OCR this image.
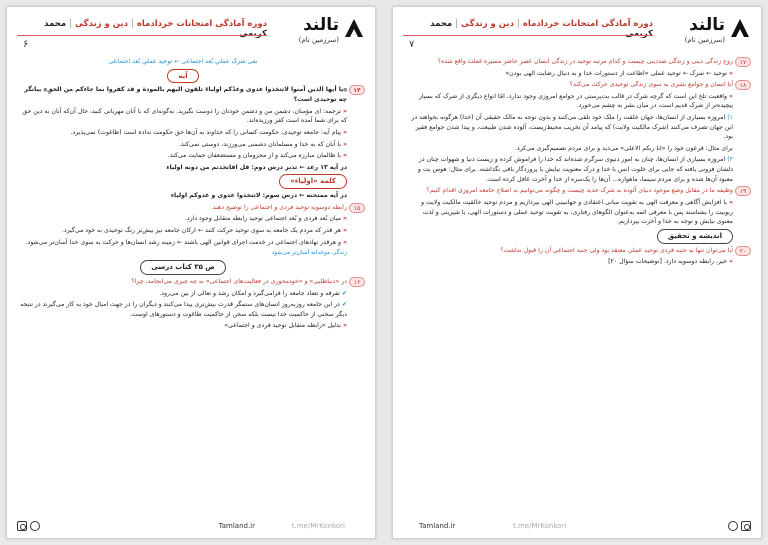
تالند
(سرزمین تام)
دوره آمادگی امتحانات خردادماه|دین و زندگی|محمد کریمی
۶
نفی شرک عملیِ بُعد اجتماعی ← توحید عملیِ بُعد اجتماعی
آیه
۱۴
۞یا أیها الذین آمنوا لاتتخذوا عدوی وعدُکم اولیاءَ تلقون الیهم بالمودة و قد کفروا بما جاءکم من الحقِ۞ بیانگر چه توحیدی است؟
«ترجمه: ای مؤمنان، دشمن من و دشمن خودتان را دوست نگیرید. به‌گونه‌ای که با آنان مهربانی کنید، حال آن‌که آنان به دین حق که برای شما آمده است کفر ورزیده‌اند.
«پیام آیه: جامعه توحیدی، حکومت کسانی را که خداوند به آن‌ها حق حکومت نداده است (طاغوت) نمی‌پذیرد.
«با آنان که به خدا و مسلمانان دشمنی می‌ورزند، دوستی نمی‌کند.
«با ظالمان مبارزه می‌کند و از محرومان و مستضعفان حمایت می‌کند.
در آیه ۱۳ رعد ← تدبر درس دوم: قل افاتخذتم من دونه اولیاء
کلمه «اولیاء»
در آیه ممتحنه ← درس سوم: لاتتخذوا عدوی و عدوکم اولیاء
۱۵
رابطه دوسویه توحید فردی و اجتماعی را توضیح دهید.
«میان بُعد فردی و بُعد اجتماعی توحید رابطه متقابل وجود دارد.
«هر قدر که مردم یک جامعه به سوی توحید حرکت کنند ← ارکان جامعه نیز بیش‌تر رنگ توحیدی به خود می‌گیرد.
«و هرقدر نهادهای اجتماعی در خدمت اجرای قوانین الهی باشند ← زمینه رشد انسان‌ها و حرکت به سوی خدا آسان‌تر می‌شود.
زندگی موحدانه آسان‌تر می‌شود
ص ۳۵ کتاب درسی
۱۶
در «دنیاطلبی» و «خودمحوری در فعالیت‌های اجتماعی» به چه چیزی می‌انجامد. چرا؟
✔تفرقه و تضاد جامعه را فرامی‌گیرد و امکان رشد و تعالی از بین می‌رود.
✔در این جامعه روزبه‌روز انسان‌های ستمگر قدرت بیش‌تری پیدا می‌کنند و دیگران را در جهت امیال خود به کار می‌گیرند در نتیجه دیگر سخنی از حاکمیت خدا نیست بلکه سخن از حاکمیت طاغوت و دستورهای اوست.
«بدلیل «رابطه متقابل توحید فردی و اجتماعی»
Tamland.ir	t.me/MrKonkori
تالند
(سرزمین تام)
دوره آمادگی امتحانات خردادماه|دین و زندگی|محمد کریمی
۷
۱۷
روح زندگی دینی و زندگی ضددینی چیست و کدام مرتبه توحید در زندگی انسان عصر حاضر مسیره غفلت واقع شده؟
«توحید ← شرک ← توحید عملی «اطاعت از دستورات خدا و به دنبال رضایت الهی بودن»
۱۸
آیا انسان و جوامع بشری به سوی زندگی توحیدی حرکت می‌کند؟
«واقعیت تلخ این است که گرچه شرک در قالب بت‌پرستی در جوامع امروزی وجود ندارد، امّا انواع دیگری از شرک که بسیار پیچیده‌تر از شرک قدیم است، در میان بشر به چشم می‌خورد.
۱)امروزه بسیاری از انسان‌ها، جهان خلقت را ملک خود تلقی می‌کنند و بدون توجه به مالک حقیقی آن (خدا) هرگونه بخواهند در این جهان تصرف می‌کنند (شرک مالکیت ولایت) که پیامد آن تخریب محیط‌زیست، آلوده شدن طبیعت، و پیدا شدن جوامع فقیر بود.
برای مثال: فرعون خود را «انا ربکم الاعلی» می‌دید و برای مردم تصمیم‌گیری می‌کرد.
۲)امروزه بسیاری از انسان‌ها، چنان به امور دنیوی سرگرم شده‌اند که خدا را فراموش کرده و زیست دنیا و شهوات چنان در دلشان فزونی یافته که جایی برای خلوت انس با خدا و درک معنویت نیایش با پروردگار باقی نگذاشته. برای مثال: هوس بت و معبود آن‌ها شده و برای مردم سینما، ماهواره... آن‌ها را یک‌سره از خدا و آخرت غافل کرده است.
۱۹
وظیفه ما در مقابل وضع موجود دنیای آلوده به شرک جدید چیست و چگونه می‌توانیم به اصلاح جامعه امروزی اقدام کنیم؟
«با افزایش آگاهی و معرفت الهی به تقویت مبانی اعتقادی و جهانبینی الهی بپردازیم و مردم توحید خالقیت مالکیت ولایت و ربوبیت را بشناسند پس با معرفی ائمه به‌عنوان الگوهای رفتاری، به تقویت توحید عملی و دستورات الهی، با شیرینی و لذت معنوی نیایش و توجه به خدا و آخرت بپردازیم.
اندیشه و تحقیق
۲۰
آیا می‌توان تنها به جنبه فردی توحید عملی معتقد بود ولی جنبه اجتماعی آن را قبول نداشت؟
«خیر، رابطه دوسویه دارد. [توضیحات سؤال ۲۰]
t.me/MrKonkori
Tamland.ir
